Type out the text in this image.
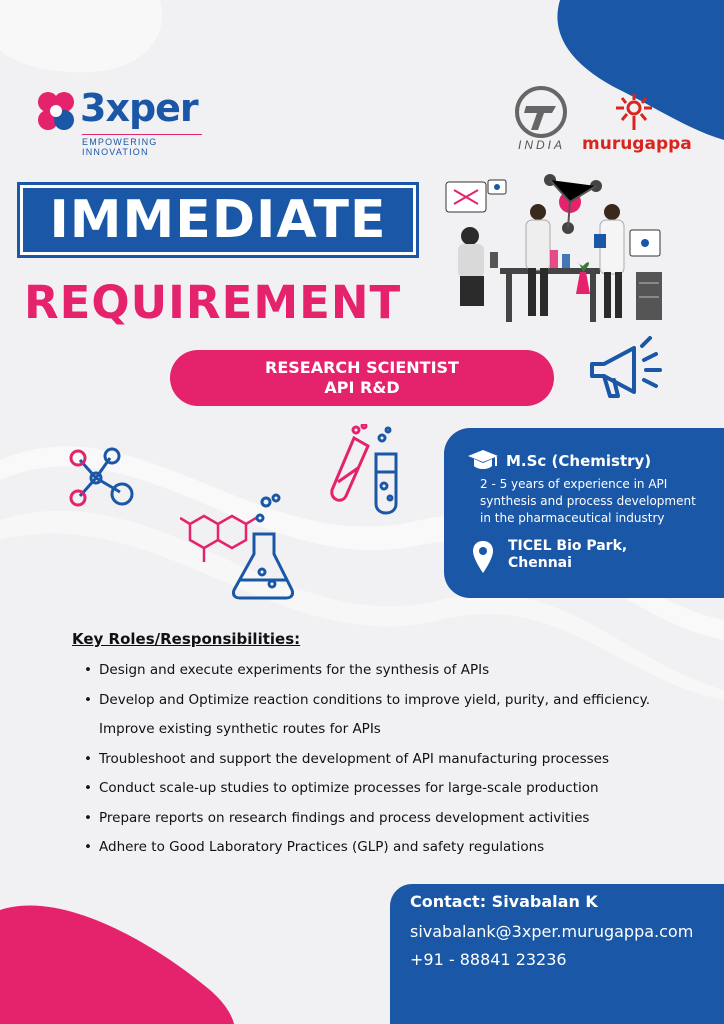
3xper
EMPOWERING INNOVATION	INDIA murugappa
IMMEDIATE
REQUIREMENT
RESEARCH SCIENTIST
API R&D
M.Sc (Chemistry)
2 - 5 years of experience in API synthesis and process development in the pharmaceutical industry
TICEL Bio Park,
Chennai
Key Roles/Responsibilities:
• Design and execute experiments for the synthesis of APIs
• Develop and Optimize reaction conditions to improve yield, purity, and efficiency.
Improve existing synthetic routes for APIs
• Troubleshoot and support the development of API manufacturing processes
• Conduct scale-up studies to optimize processes for large-scale production
• Prepare reports on research findings and process development activities
• Adhere to Good Laboratory Practices (GLP) and safety regulations
Contact: Sivabalan K
sivabalank@3xper.murugappa.com
+91 - 88841 23236
